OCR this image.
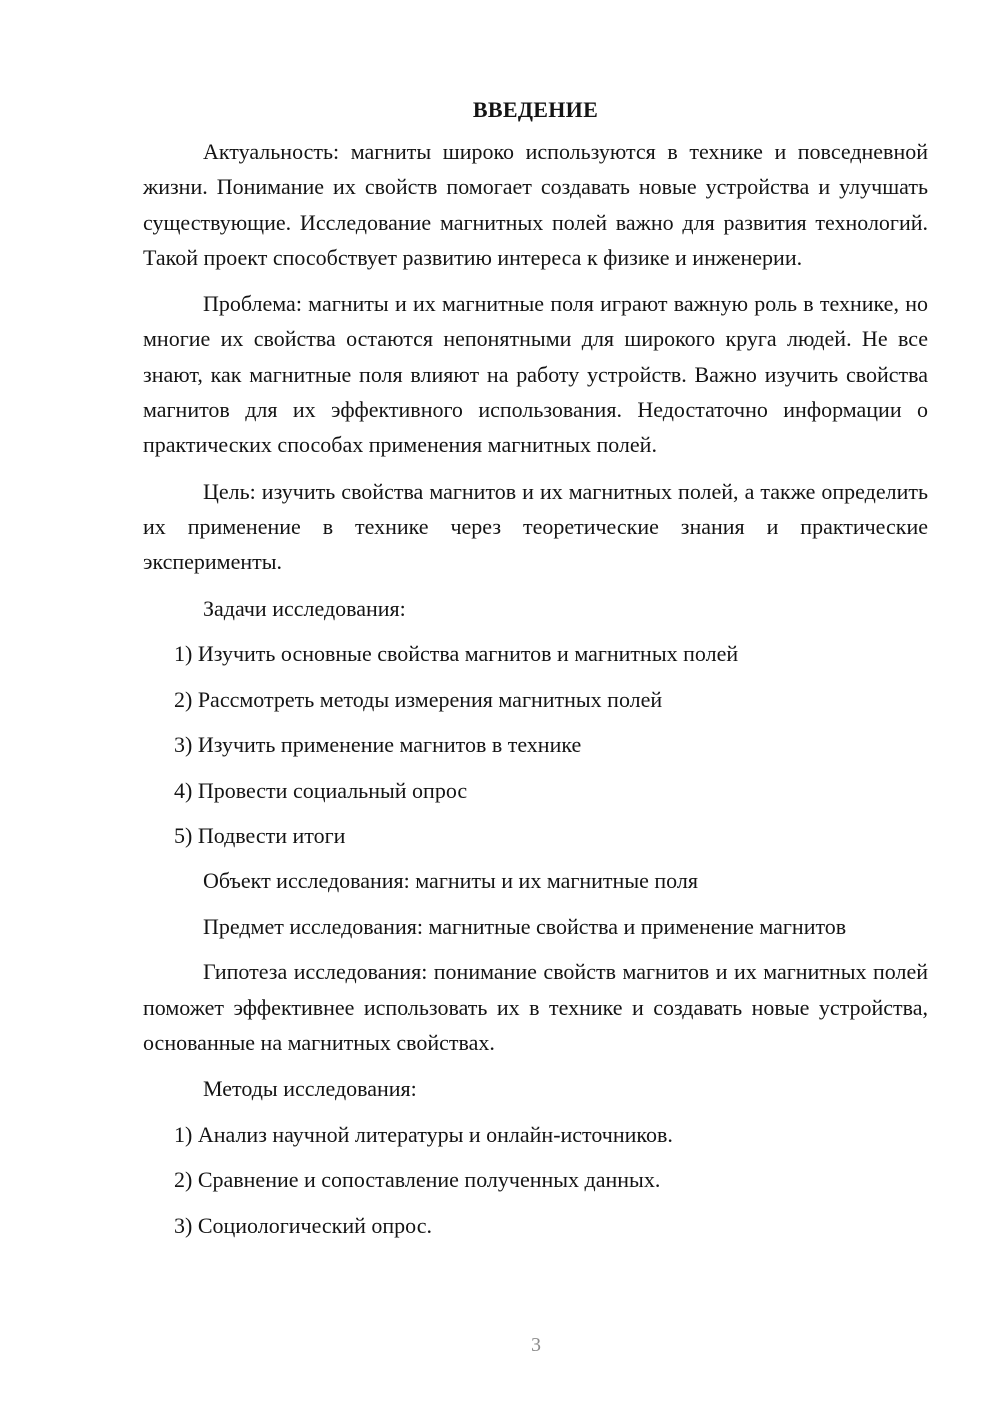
ВВЕДЕНИЕ

Актуальность: магниты широко используются в технике и повседневной жизни. Понимание их свойств помогает создавать новые устройства и улучшать существующие. Исследование магнитных полей важно для развития технологий. Такой проект способствует развитию интереса к физике и инженерии.

Проблема: магниты и их магнитные поля играют важную роль в технике, но многие их свойства остаются непонятными для широкого круга людей. Не все знают, как магнитные поля влияют на работу устройств. Важно изучить свойства магнитов для их эффективного использования. Недостаточно информации о практических способах применения магнитных полей.

Цель: изучить свойства магнитов и их магнитных полей, а также определить их применение в технике через теоретические знания и практические эксперименты.

Задачи исследования:
1) Изучить основные свойства магнитов и магнитных полей
2) Рассмотреть методы измерения магнитных полей
3) Изучить применение магнитов в технике
4) Провести социальный опрос
5) Подвести итоги
Объект исследования: магниты и их магнитные поля
Предмет исследования: магнитные свойства и применение магнитов

Гипотеза исследования: понимание свойств магнитов и их магнитных полей поможет эффективнее использовать их в технике и создавать новые устройства, основанные на магнитных свойствах.

Методы исследования:
1) Анализ научной литературы и онлайн-источников.
2) Сравнение и сопоставление полученных данных.
3) Социологический опрос.
3
